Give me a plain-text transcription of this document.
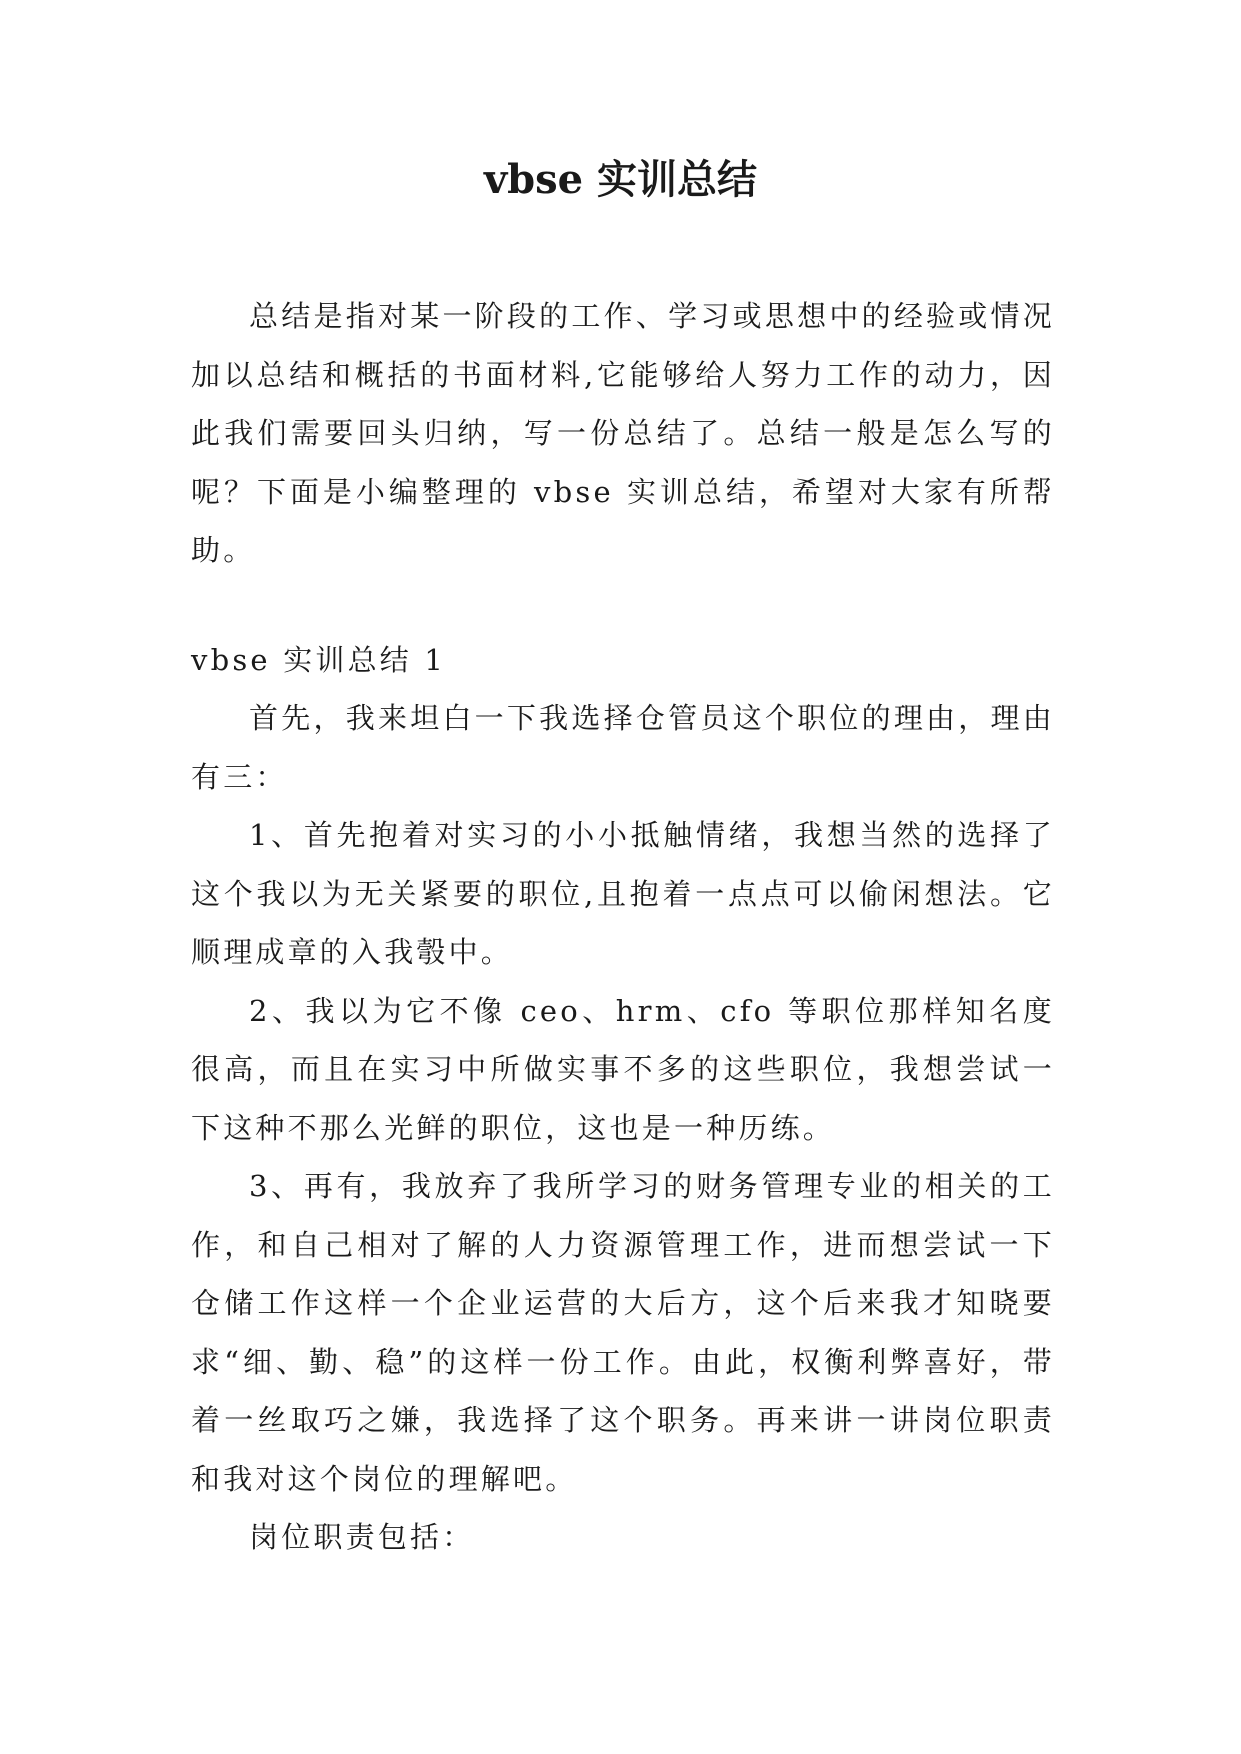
vbse 实训总结

总结是指对某一阶段的工作、学习或思想中的经验或情况加以总结和概括的书面材料,它能够给人努力工作的动力，因此我们需要回头归纳，写一份总结了。总结一般是怎么写的呢？下面是小编整理的 vbse 实训总结，希望对大家有所帮助。

vbse 实训总结 1

首先，我来坦白一下我选择仓管员这个职位的理由，理由有三：

1、首先抱着对实习的小小抵触情绪，我想当然的选择了这个我以为无关紧要的职位,且抱着一点点可以偷闲想法。它顺理成章的入我彀中。

2、我以为它不像 ceo、hrm、cfo 等职位那样知名度很高，而且在实习中所做实事不多的这些职位，我想尝试一下这种不那么光鲜的职位，这也是一种历练。

3、再有，我放弃了我所学习的财务管理专业的相关的工作，和自己相对了解的人力资源管理工作，进而想尝试一下仓储工作这样一个企业运营的大后方，这个后来我才知晓要求“细、勤、稳”的这样一份工作。由此，权衡利弊喜好，带着一丝取巧之嫌，我选择了这个职务。再来讲一讲岗位职责和我对这个岗位的理解吧。

岗位职责包括：
